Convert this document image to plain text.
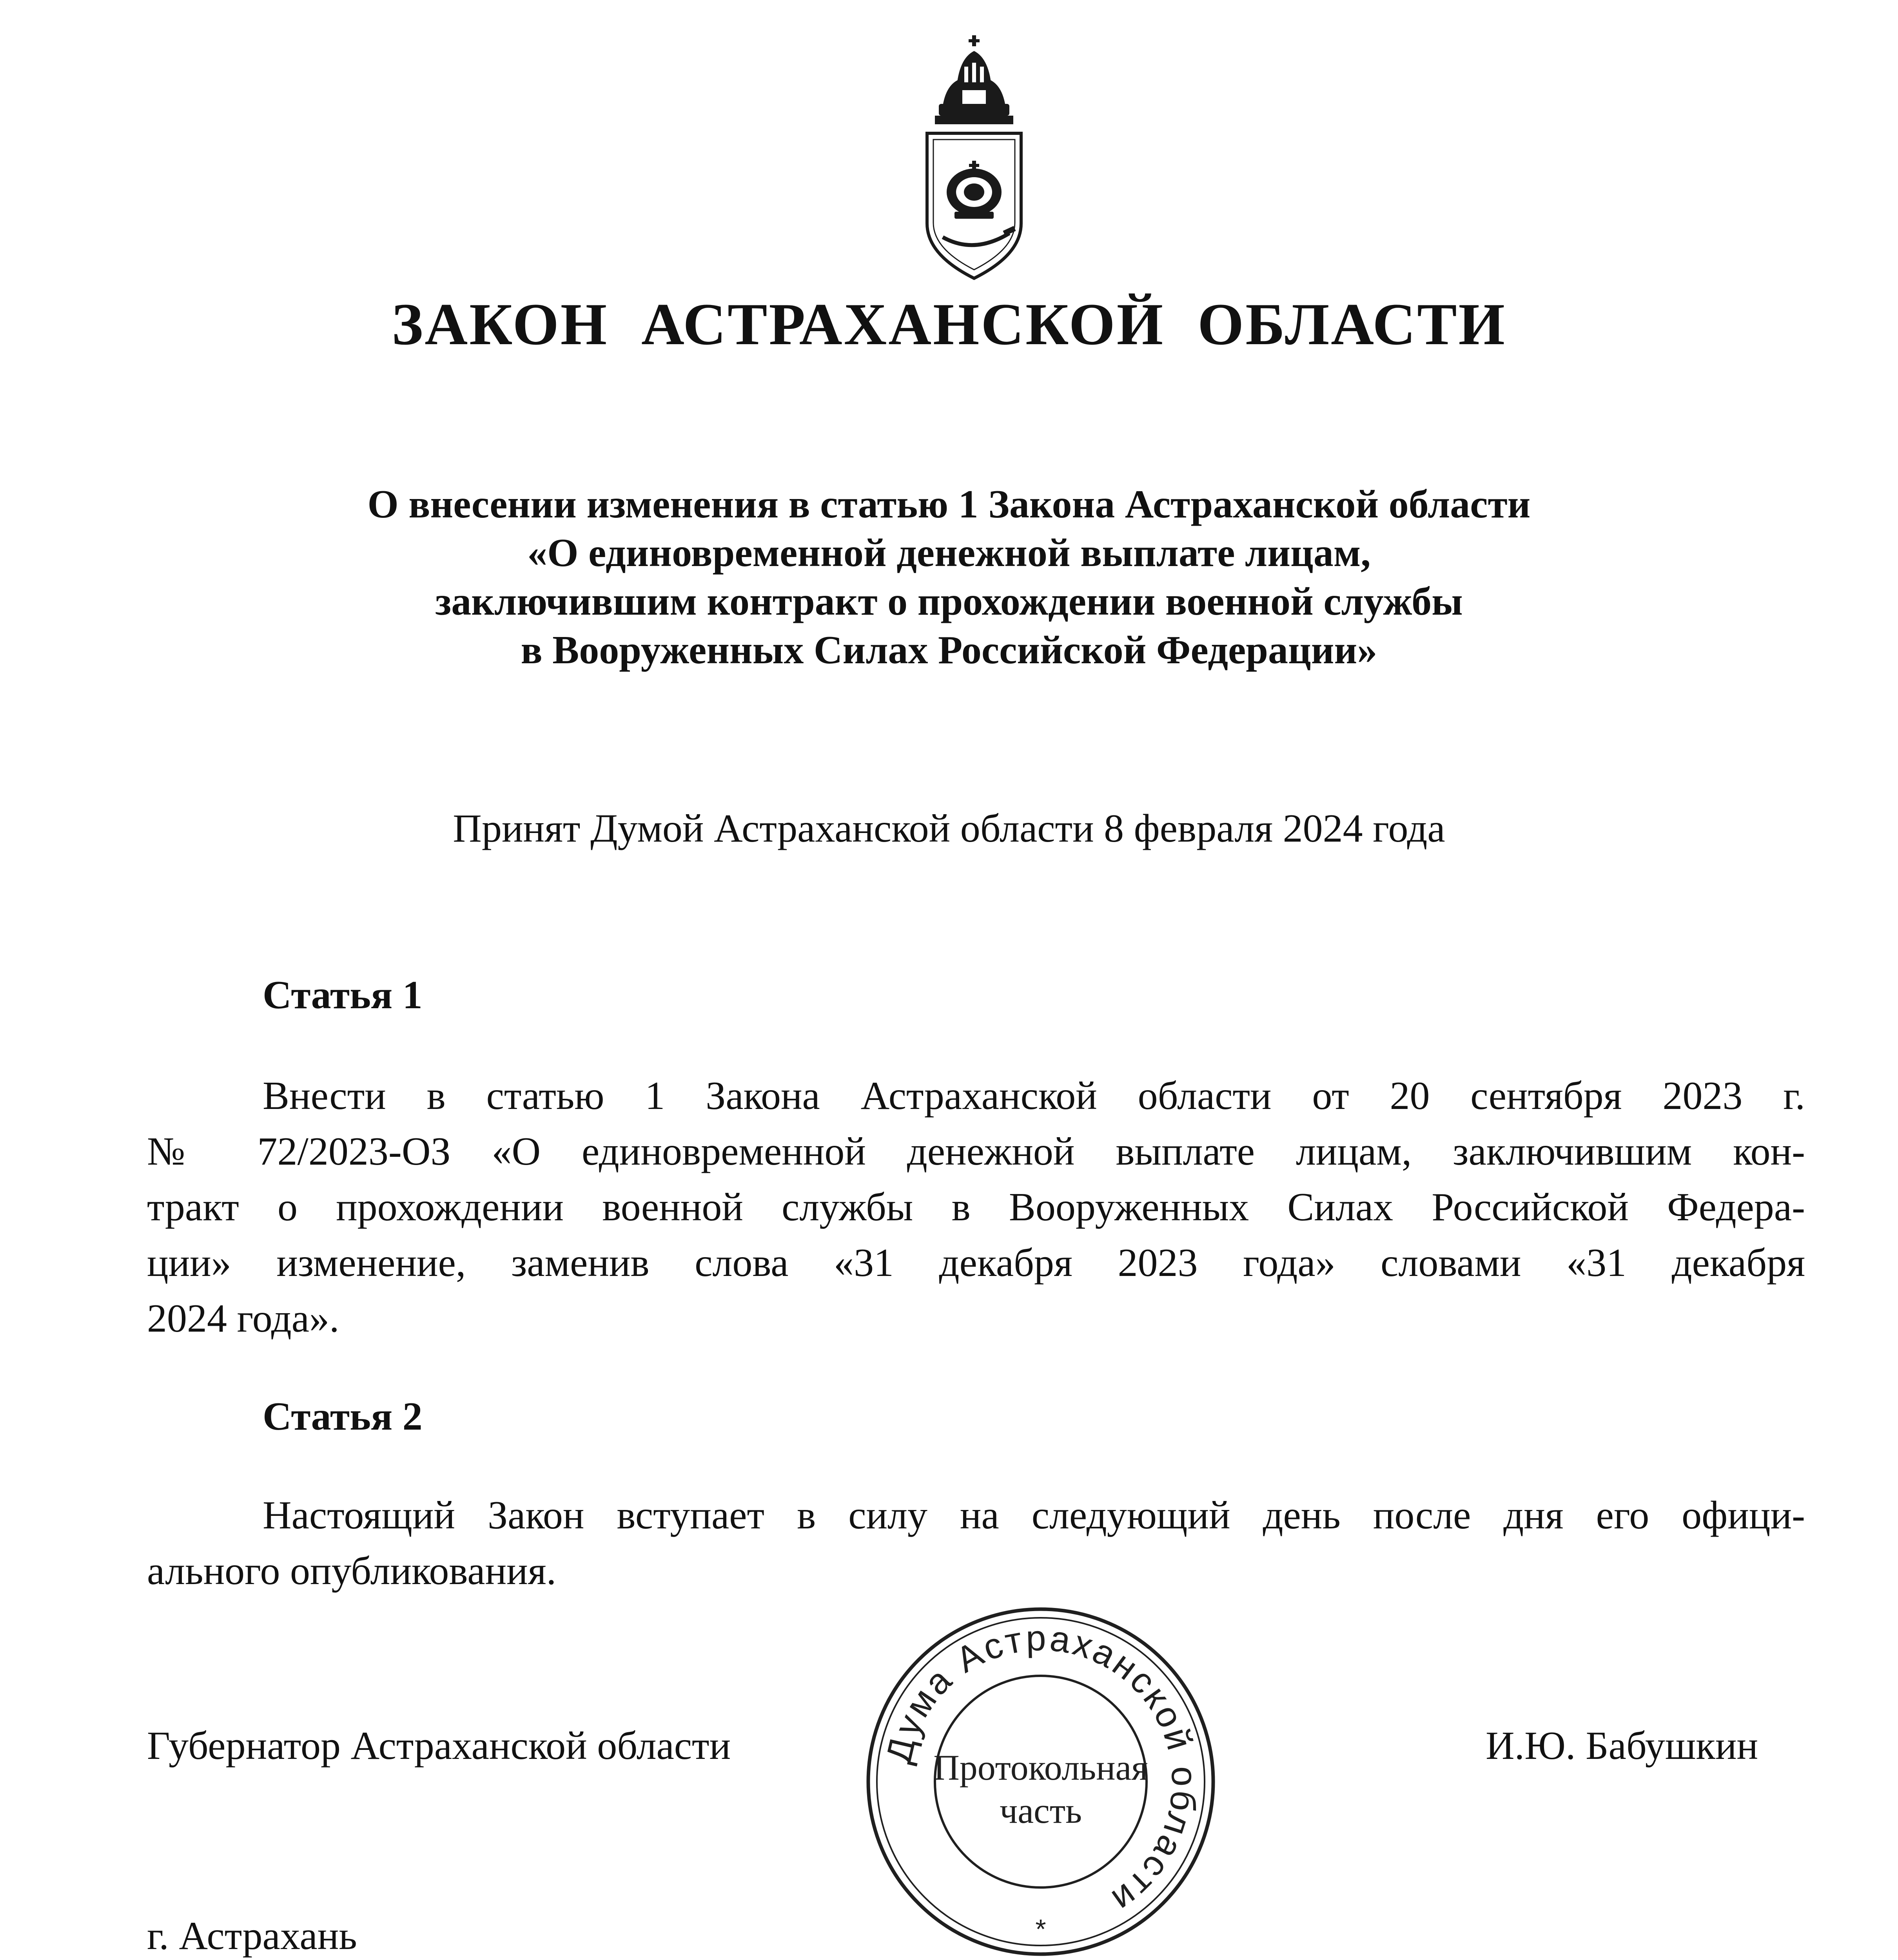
ЗАКОН  АСТРАХАНСКОЙ  ОБЛАСТИ
О внесении изменения в статью 1 Закона Астраханской области
«О единовременной денежной выплате лицам,
заключившим контракт о прохождении военной службы
в Вооруженных Силах Российской Федерации»
Принят Думой Астраханской области 8 февраля 2024 года
Статья 1
Внести в статью 1 Закона Астраханской области от 20 сентября 2023 г.
№ 72/2023-ОЗ «О единовременной денежной выплате лицам, заключившим кон-
тракт о прохождении военной службы в Вооруженных Силах Российской Федера-
ции» изменение, заменив слова «31 декабря 2023 года» словами «31 декабря
2024 года».
Статья 2
Настоящий Закон вступает в силу на следующий день после дня его офици-
ального опубликования.
Губернатор Астраханской области	И.Ю. Бабушкин
Дума Астраханской области
Протокольная
часть
*
г. Астрахань
